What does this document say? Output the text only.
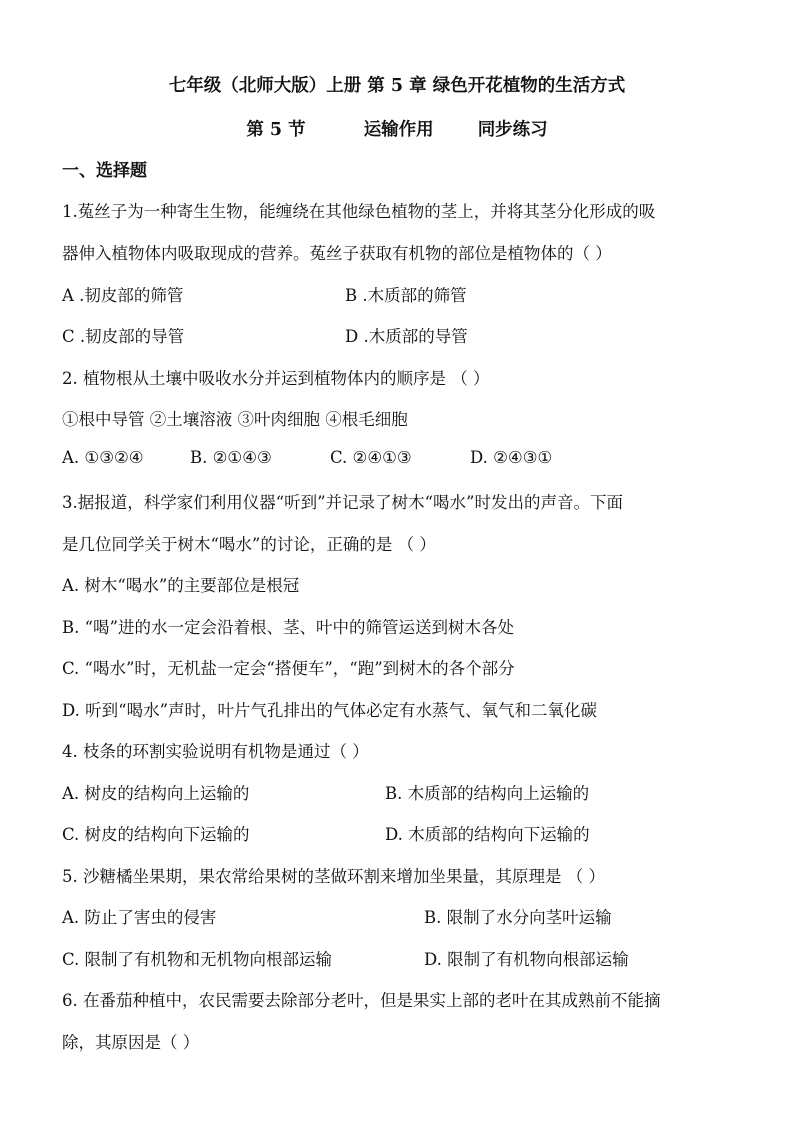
七年级（北师大版）上册 第 5 章 绿色开花植物的生活方式
第 5 节	运输作用	同步练习
一、选择题
1.菟丝子为一种寄生生物，能缠绕在其他绿色植物的茎上，并将其茎分化形成的吸
器伸入植物体内吸取现成的营养。菟丝子获取有机物的部位是植物体的（ ）
A .韧皮部的筛管	B .木质部的筛管
C .韧皮部的导管	D .木质部的导管
2. 植物根从土壤中吸收水分并运到植物体内的顺序是 （ ）
①根中导管 ②土壤溶液 ③叶肉细胞 ④根毛细胞
A. ①③②④	B. ②①④③	C. ②④①③	D. ②④③①
3.据报道，科学家们利用仪器“听到”并记录了树木“喝水”时发出的声音。下面
是几位同学关于树木“喝水”的讨论，正确的是 （ ）
A. 树木“喝水”的主要部位是根冠
B. “喝”进的水一定会沿着根、茎、叶中的筛管运送到树木各处
C. “喝水”时，无机盐一定会“搭便车”，“跑”到树木的各个部分
D. 听到“喝水”声时，叶片气孔排出的气体必定有水蒸气、氧气和二氧化碳
4. 枝条的环割实验说明有机物是通过（ ）
A. 树皮的结构向上运输的	B. 木质部的结构向上运输的
C. 树皮的结构向下运输的	D. 木质部的结构向下运输的
5. 沙糖橘坐果期，果农常给果树的茎做环割来增加坐果量，其原理是 （ ）
A. 防止了害虫的侵害	B. 限制了水分向茎叶运输
C. 限制了有机物和无机物向根部运输	D. 限制了有机物向根部运输
6. 在番茄种植中，农民需要去除部分老叶，但是果实上部的老叶在其成熟前不能摘
除，其原因是（ ）
